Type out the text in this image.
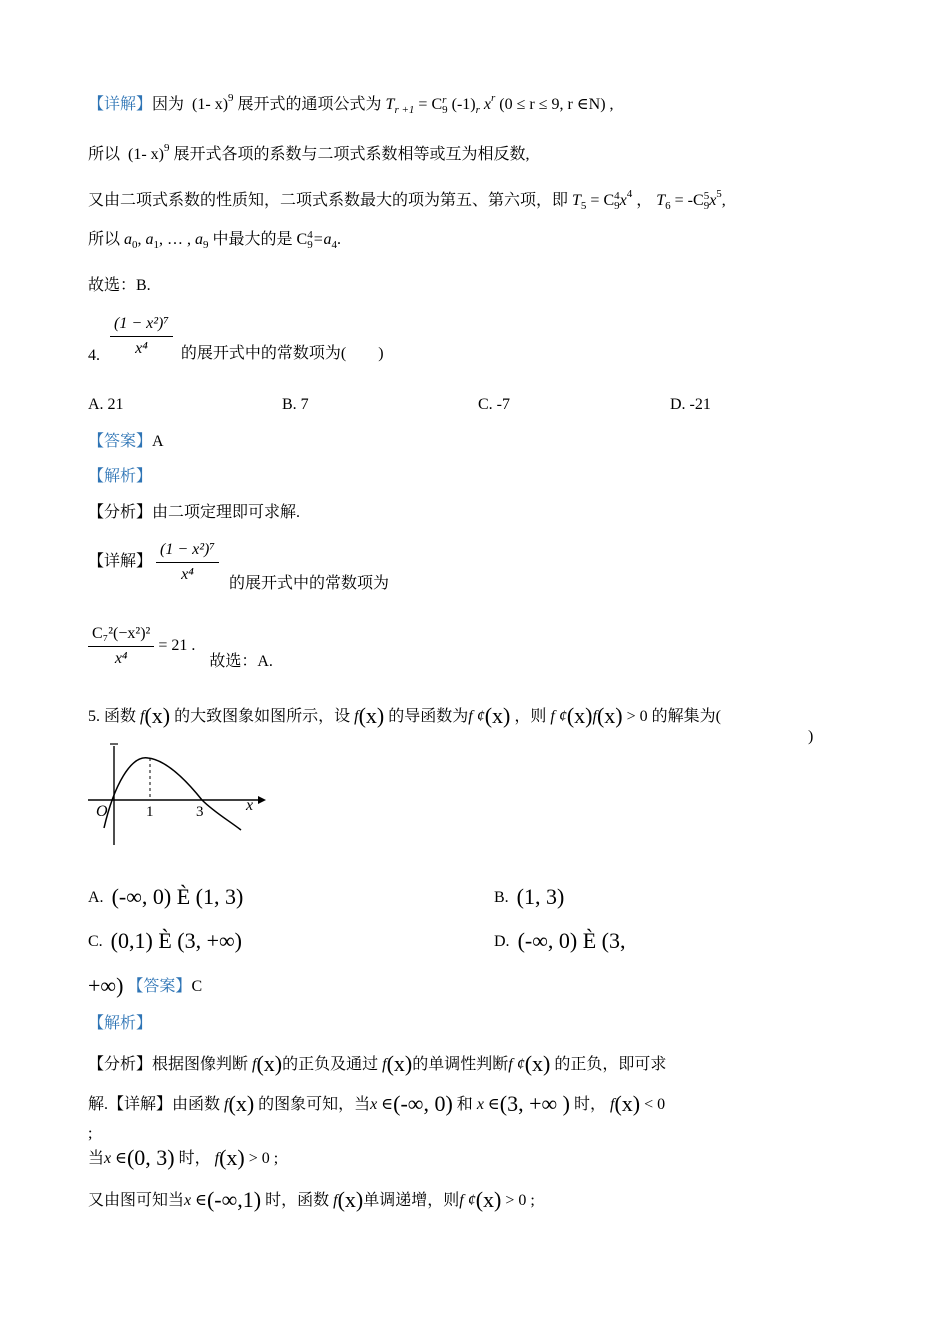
【详解】因为 (1- x)$^9$ 展开式的通项公式为 $T_{r +1} = C$ r
9 $(-1)_r$ $x^r$ (0 ≤ r ≤ 9, r ∈N) ,
所以 (1- x)$^9$ 展开式各项的系数与二项式系数相等或互为相反数,
又由二项式系数的性质知，二项式系数最大的项为第五、第六项，即 $T_5 = C$ 4
9 $x^4$ ， $T_6 = -C$ 5
9 $x^5$,
所以 $a_0$, $a_1$, … , $a_9$ 中最大的是 C 4
$9 =a_4$.
故选：B.
4. $\frac{\text{(1 − x²)⁷}}{\text{x⁴}}$ 的展开式中的常数项为(　　)
A. 21	B. 7	C. -7	D. -21
【答案】A
【解析】
【分析】由二项定理即可求解.
【详解】 $\frac{\text{(1 − x²)⁷}}{\text{x⁴}}$ 的展开式中的常数项为
$\frac{\text{C₇²(−x²)²}}{\text{x⁴}} = 21$ . 故选：A.
5. 函数 f(x) 的大致图象如图所示，设 f(x) 的导函数为f ¢(x) ，则 f ¢(x)f(x) > 0 的解集为(
)
O	1	3	x
A. (-∞, 0) È (1, 3)	B. (1, 3)
C. (0,1) È (3, +∞)	D. (-∞, 0) È (3,
+∞) 【答案】C
【解析】
【分析】根据图像判断 f(x)的正负及通过 f(x)的单调性判断f ¢(x) 的正负，即可求
解.【详解】由函数 f(x) 的图象可知，当x ∈(-∞, 0) 和 x ∈(3, +∞ ) 时， f(x) < 0
;
当x ∈(0, 3) 时， f(x) > 0 ;
又由图可知当x ∈(-∞,1) 时，函数 f(x)单调递增，则f ¢(x) > 0 ;
